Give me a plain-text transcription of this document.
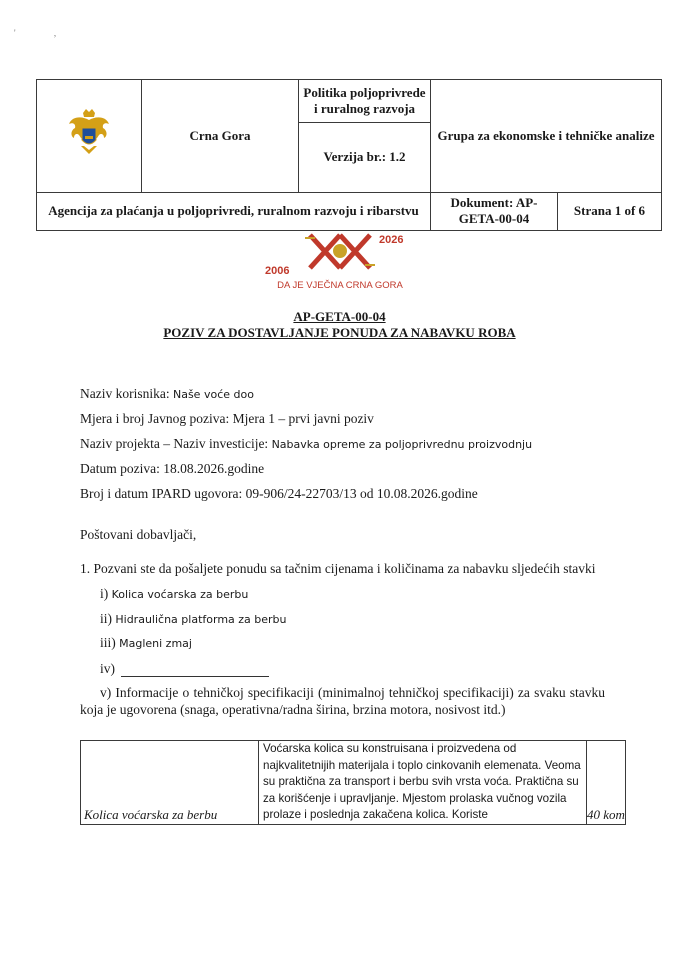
' ,
	Crna Gora	Politika poljoprivrede i ruralnog razvoja	Grupa za ekonomske i tehničke analize	
		Verzija br.: 1.2		
Agencija za plaćanja u poljoprivredi, ruralnom razvoju i ribarstvu			Dokument: AP-GETA-00-04	Strana 1 of 6
2006
2026
DA JE VJEČNA CRNA GORA
AP-GETA-00-04
POZIV ZA DOSTAVLJANJE PONUDA ZA NABAVKU ROBA
Naziv korisnika: Naše voće doo
Mjera i broj Javnog poziva: Mjera 1 – prvi javni poziv
Naziv projekta – Naziv investicije: Nabavka opreme za poljoprivrednu proizvodnju
Datum poziva: 18.08.2026.godine
Broj i datum IPARD ugovora: 09-906/24-22703/13 od 10.08.2026.godine
Poštovani dobavljači,
1. Pozvani ste da pošaljete ponudu sa tačnim cijenama i količinama za nabavku sljedećih stavki
i) Kolica voćarska za berbu
ii) Hidraulična platforma za berbu
iii) Magleni zmaj
iv)
v) Informacije o tehničkoj specifikaciji (minimalnoj tehničkoj specifikaciji) za svaku stavku koja je ugovorena (snaga, operativna/radna širina, brzina motora, nosivost itd.)
Kolica voćarska za berbu	Voćarska kolica su konstruisana i proizvedena od najkvalitetnijih materijala i toplo cinkovanih elemenata. Veoma su praktična za transport i berbu svih vrsta voća. Praktična su za korišćenje i upravljanje. Mjestom prolaska vučnog vozila prolaze i poslednja zakačena kolica. Koriste	40 kom
